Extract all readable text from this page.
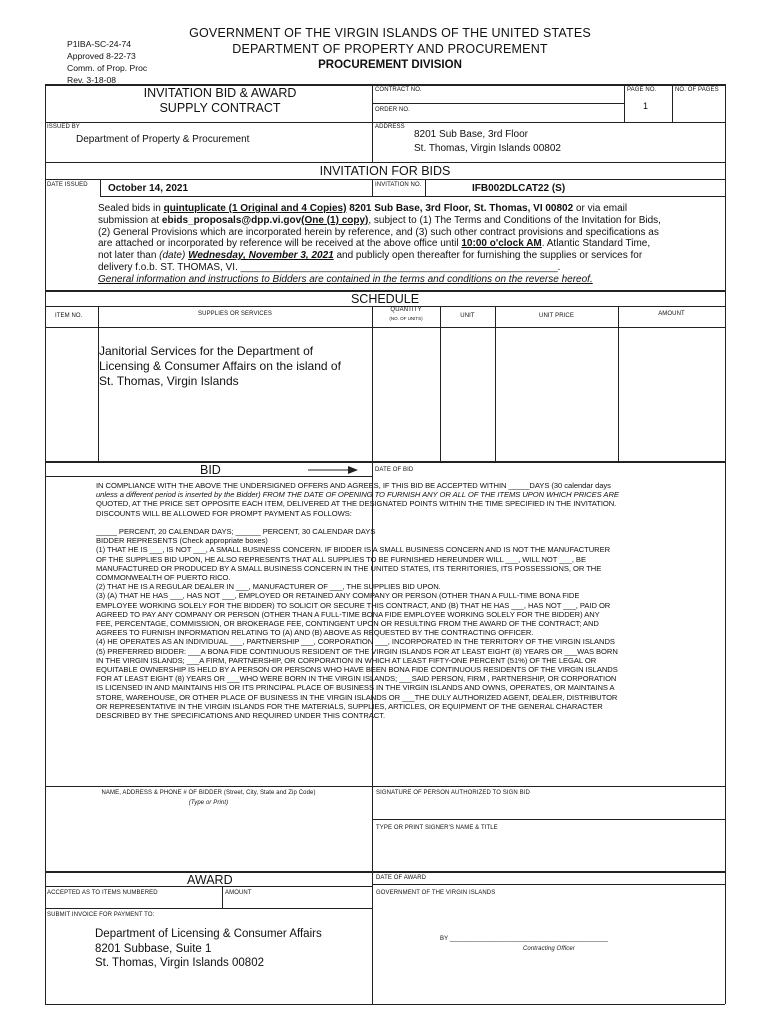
P1IBA-SC-24-74
Approved 8-22-73
Comm. of Prop. Proc
Rev. 3-18-08
GOVERNMENT OF THE VIRGIN ISLANDS OF THE UNITED STATES
DEPARTMENT OF PROPERTY AND PROCUREMENT
PROCUREMENT DIVISION
INVITATION BID & AWARD
SUPPLY CONTRACT
CONTRACT NO.
ORDER NO.
PAGE NO.
1
NO. OF PAGES
ISSUED BY
Department of Property & Procurement
ADDRESS
8201 Sub Base, 3rd Floor
St. Thomas, Virgin Islands 00802
INVITATION FOR BIDS
DATE ISSUED October 14, 2021	INVITATION NO.	IFB002DLCAT22 (S)
Sealed bids in quintuplicate (1 Original and 4 Copies) 8201 Sub Base, 3rd Floor, St. Thomas, VI 00802 or via email
submission at ebids_proposals@dpp.vi.gov(One (1) copy), subject to (1) The Terms and Conditions of the Invitation for Bids,
(2) General Provisions which are incorporated herein by reference, and (3) such other contract provisions and specifications as
are attached or incorporated by reference will be received at the above office until 10:00 o'clock AM. Atlantic Standard Time,
not later than (date) Wednesday, November 3, 2021 and publicly open thereafter for furnishing the supplies or services for
delivery f.o.b. ST. THOMAS, VI. _________________________________________________________.
General information and instructions to Bidders are contained in the terms and conditions on the reverse hereof.
SCHEDULE
ITEM NO.	SUPPLIES OR SERVICES
QUANTITY
(NO. OF UNITS)	UNIT	UNIT PRICE	AMOUNT
Janitorial Services for the Department of
Licensing & Consumer Affairs on the island of
St. Thomas, Virgin Islands
BID	DATE OF BID
IN COMPLIANCE WITH THE ABOVE THE UNDERSIGNED OFFERS AND AGREES, IF THIS BID BE ACCEPTED WITHIN _____DAYS (30 calendar days
unless a different period is inserted by the Bidder) FROM THE DATE OF OPENING TO FURNISH ANY OR ALL OF THE ITEMS UPON WHICH PRICES ARE
QUOTED, AT THE PRICE SET OPPOSITE EACH ITEM, DELIVERED AT THE DESIGNATED POINTS WITHIN THE TIME SPECIFIED IN THE INVITATION.
DISCOUNTS WILL BE ALLOWED FOR PROMPT PAYMENT AS FOLLOWS:
_____ PERCENT, 20 CALENDAR DAYS; ______ PERCENT, 30 CALENDAR DAYS
BIDDER REPRESENTS (Check appropriate boxes)
(1) THAT HE IS ___, IS NOT ___, A SMALL BUSINESS CONCERN. IF BIDDER IS A SMALL BUSINESS CONCERN AND IS NOT THE MANUFACTURER
OF THE SUPPLIES BID UPON, HE ALSO REPRESENTS THAT ALL SUPPLIES TO BE FURNISHED HEREUNDER WILL ___, WILL NOT ___, BE
MANUFACTURED OR PRODUCED BY A SMALL BUSINESS CONCERN IN THE UNITED STATES, ITS TERRITORIES, ITS POSSESSIONS, OR THE
COMMONWEALTH OF PUERTO RICO.
(2) THAT HE IS A REGULAR DEALER IN ___, MANUFACTURER OF ___, THE SUPPLIES BID UPON.
(3) (A) THAT HE HAS ___, HAS NOT ___, EMPLOYED OR RETAINED ANY COMPANY OR PERSON (OTHER THAN A FULL-TIME BONA FIDE
EMPLOYEE WORKING SOLELY FOR THE BIDDER) TO SOLICIT OR SECURE THIS CONTRACT, AND (B) THAT HE HAS ___, HAS NOT ___, PAID OR
AGREED TO PAY ANY COMPANY OR PERSON (OTHER THAN A FULL-TIME BONA FIDE EMPLOYEE WORKING SOLELY FOR THE BIDDER) ANY
FEE, PERCENTAGE, COMMISSION, OR BROKERAGE FEE, CONTINGENT UPON OR RESULTING FROM THE AWARD OF THE CONTRACT; AND
AGREES TO FURNISH INFORMATION RELATING TO (A) AND (B) ABOVE AS REQUESTED BY THE CONTRACTING OFFICER.
(4) HE OPERATES AS AN INDIVIDUAL ___, PARTNERSHIP ___, CORPORATION ___, INCORPORATED IN THE TERRITORY OF THE VIRGIN ISLANDS
(5) PREFERRED BIDDER: ___A BONA FIDE CONTINUOUS RESIDENT OF THE VIRGIN ISLANDS FOR AT LEAST EIGHT (8) YEARS OR ___WAS BORN
IN THE VIRGIN ISLANDS; ___A FIRM, PARTNERSHIP, OR CORPORATION IN WHICH AT LEAST FIFTY-ONE PERCENT (51%) OF THE LEGAL OR
EQUITABLE OWNERSHIP IS HELD BY A PERSON OR PERSONS WHO HAVE BEEN BONA FIDE CONTINUOUS RESIDENTS OF THE VIRGIN ISLANDS
FOR AT LEAST EIGHT (8) YEARS OR ___WHO WERE BORN IN THE VIRGIN ISLANDS; ___SAID PERSON, FIRM , PARTNERSHIP, OR CORPORATION
IS LICENSED IN AND MAINTAINS HIS OR ITS PRINCIPAL PLACE OF BUSINESS IN THE VIRGIN ISLANDS AND OWNS, OPERATES, OR MAINTAINS A
STORE, WAREHOUSE, OR OTHER PLACE OF BUSINESS IN THE VIRGIN ISLANDS OR ___THE DULY AUTHORIZED AGENT, DEALER, DISTRIBUTOR
OR REPRESENTATIVE IN THE VIRGIN ISLANDS FOR THE MATERIALS, SUPPLIES, ARTICLES, OR EQUIPMENT OF THE GENERAL CHARACTER
DESCRIBED BY THE SPECIFICATIONS AND REQUIRED UNDER THIS CONTRACT.
NAME, ADDRESS & PHONE # OF BIDDER (Street, City, State and Zip Code)
(Type or Print)
SIGNATURE OF PERSON AUTHORIZED TO SIGN BID
TYPE OR PRINT SIGNER'S NAME & TITLE
AWARD	DATE OF AWARD
ACCEPTED AS TO ITEMS NUMBERED	AMOUNT	GOVERNMENT OF THE VIRGIN ISLANDS
SUBMIT INVOICE FOR PAYMENT TO:
Department of Licensing & Consumer Affairs
8201 Subbase, Suite 1
St. Thomas, Virgin Islands 00802
BY ______________________________________________
Contracting Officer
